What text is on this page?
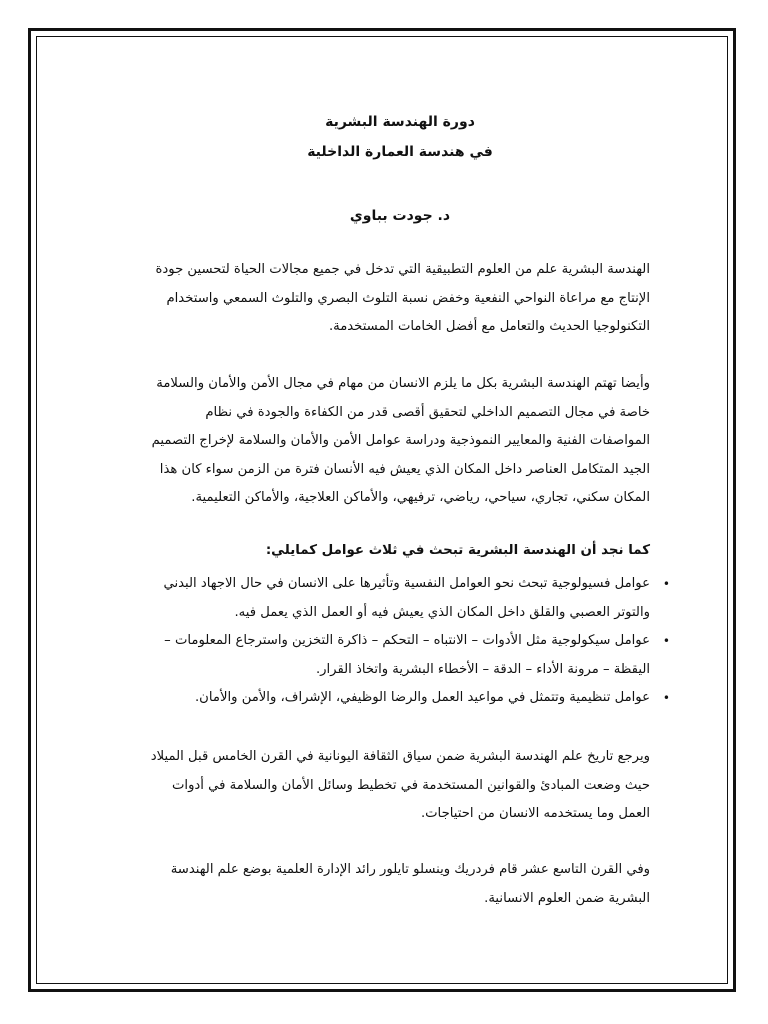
دورة الهندسة البشرية
في هندسة العمارة الداخلية
د. جودت بباوي

الهندسة البشرية علم من العلوم التطبيقية التي تدخل في جميع مجالات الحياة لتحسين جودة الإنتاج مع مراعاة النواحي النفعية وخفض نسبة التلوث البصري والتلوث السمعي واستخدام التكنولوجيا الحديث والتعامل مع أفضل الخامات المستخدمة.

وأيضا تهتم الهندسة البشرية بكل ما يلزم الانسان من مهام في مجال الأمن والأمان والسلامة خاصة في مجال التصميم الداخلي لتحقيق أقصى قدر من الكفاءة والجودة في نظام المواصفات الفنية والمعايير النموذجية ودراسة عوامل الأمن والأمان والسلامة لإخراج التصميم الجيد المتكامل العناصر داخل المكان الذي يعيش فيه الأنسان فترة من الزمن سواء كان هذا المكان سكني، تجاري، سياحي، رياضي، ترفيهي، والأماكن العلاجية، والأماكن التعليمية.

كما نجد أن الهندسة البشرية تبحث في ثلاث عوامل كمايلي:
•
عوامل فسيولوجية تبحث نحو العوامل النفسية وتأثيرها على الانسان في حال الاجهاد البدني والتوتر العصبي والقلق داخل المكان الذي يعيش فيه أو العمل الذي يعمل فيه.
•
عوامل سيكولوجية مثل الأدوات – الانتباه – التحكم – ذاكرة التخزين واسترجاع المعلومات – اليقظة – مرونة الأداء – الدقة – الأخطاء البشرية واتخاذ القرار.
•
عوامل تنظيمية وتتمثل في مواعيد العمل والرضا الوظيفي، الإشراف، والأمن والأمان.

ويرجع تاريخ علم الهندسة البشرية ضمن سياق الثقافة اليونانية في القرن الخامس قبل الميلاد حيث وضعت المبادئ والقوانين المستخدمة في تخطيط وسائل الأمان والسلامة في أدوات العمل وما يستخدمه الانسان من احتياجات.

وفي القرن التاسع عشر قام فردريك وينسلو تايلور رائد الإدارة العلمية بوضع علم الهندسة البشرية ضمن العلوم الانسانية.
